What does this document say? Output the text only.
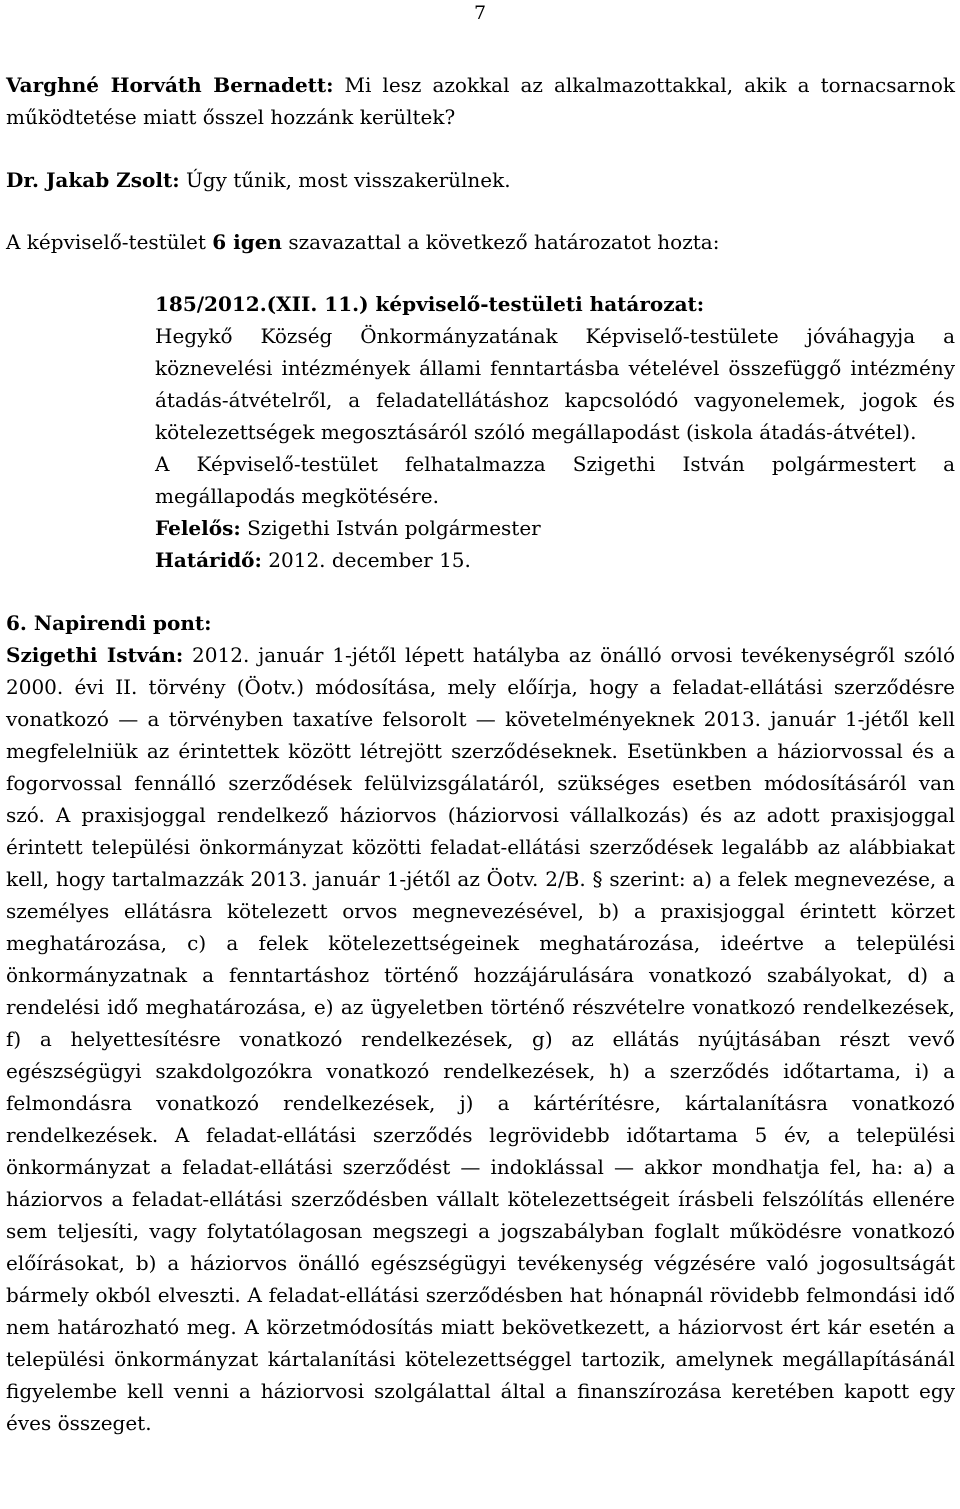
7

Varghné Horváth Bernadett: Mi lesz azokkal az alkalmazottakkal, akik a tornacsarnok működtetése miatt ősszel hozzánk kerültek?

Dr. Jakab Zsolt: Úgy tűnik, most visszakerülnek.

A képviselő-testület 6 igen szavazattal a következő határozatot hozta:

185/2012.(XII. 11.) képviselő-testületi határozat:

Hegykő Község Önkormányzatának Képviselő-testülete jóváhagyja a köznevelési intézmények állami fenntartásba vételével összefüggő intézmény átadás-átvételről, a feladatellátáshoz kapcsolódó vagyonelemek, jogok és kötelezettségek megosztásáról szóló megállapodást (iskola átadás-átvétel).

A Képviselő-testület felhatalmazza Szigethi István polgármestert a megállapodás megkötésére.

Felelős: Szigethi István polgármester

Határidő: 2012. december 15.

6. Napirendi pont:

Szigethi István: 2012. január 1-jétől lépett hatályba az önálló orvosi tevékenységről szóló 2000. évi II. törvény (Öotv.) módosítása, mely előírja, hogy a feladat-ellátási szerződésre vonatkozó — a törvényben taxatíve felsorolt — követelményeknek 2013. január 1-jétől kell megfelelniük az érintettek között létrejött szerződéseknek. Esetünkben a háziorvossal és a fogorvossal fennálló szerződések felülvizsgálatáról, szükséges esetben módosításáról van szó. A praxisjoggal rendelkező háziorvos (háziorvosi vállalkozás) és az adott praxisjoggal érintett települési önkormányzat közötti feladat-ellátási szerződések legalább az alábbiakat kell, hogy tartalmazzák 2013. január 1-jétől az Öotv. 2/B. § szerint: a) a felek megnevezése, a személyes ellátásra kötelezett orvos megnevezésével, b) a praxisjoggal érintett körzet meghatározása, c) a felek kötelezettségeinek meghatározása, ideértve a települési önkormányzatnak a fenntartáshoz történő hozzájárulására vonatkozó szabályokat, d) a rendelési idő meghatározása, e) az ügyeletben történő részvételre vonatkozó rendelkezések, f) a helyettesítésre vonatkozó rendelkezések, g) az ellátás nyújtásában részt vevő egészségügyi szakdolgozókra vonatkozó rendelkezések, h) a szerződés időtartama, i) a felmondásra vonatkozó rendelkezések, j) a kártérítésre, kártalanításra vonatkozó rendelkezések. A feladat-ellátási szerződés legrövidebb időtartama 5 év, a települési önkormányzat a feladat-ellátási szerződést — indoklással — akkor mondhatja fel, ha: a) a háziorvos a feladat-ellátási szerződésben vállalt kötelezettségeit írásbeli felszólítás ellenére sem teljesíti, vagy folytatólagosan megszegi a jogszabályban foglalt működésre vonatkozó előírásokat, b) a háziorvos önálló egészségügyi tevékenység végzésére való jogosultságát bármely okból elveszti. A feladat-ellátási szerződésben hat hónapnál rövidebb felmondási idő nem határozható meg. A körzetmódosítás miatt bekövetkezett, a háziorvost ért kár esetén a települési önkormányzat kártalanítási kötelezettséggel tartozik, amelynek megállapításánál figyelembe kell venni a háziorvosi szolgálattal által a finanszírozása keretében kapott egy éves összeget.
